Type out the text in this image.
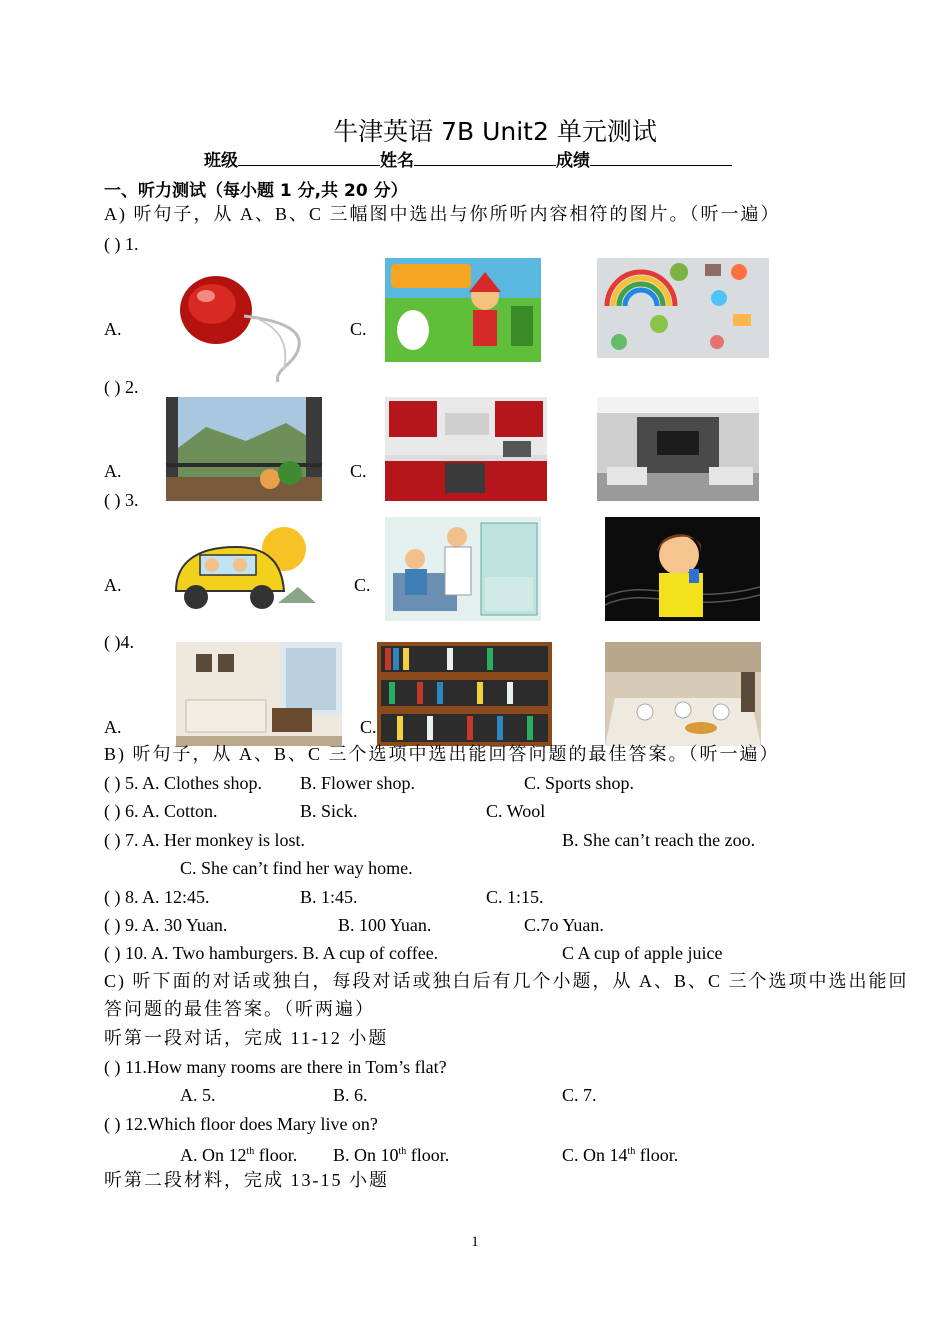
牛津英语 7B Unit2 单元测试
班级	姓名	成绩
一、听力测试（每小题 1 分,共 20 分）
A) 听句子，从 A、B、C 三幅图中选出与你所听内容相符的图片。（听一遍）
( ) 1.
A.	C.
( ) 2.
A.	C.
( ) 3.
A.	C.
( )4.
A.	C.
B) 听句子，从 A、B、C 三个选项中选出能回答问题的最佳答案。（听一遍）
( ) 5. A. Clothes shop. B. Flower shop.	C. Sports shop.
( ) 6. A. Cotton.	B. Sick.	C. Wool
( ) 7. A. Her monkey is lost.	B. She can’t reach the zoo.
C. She can’t find her way home.
( ) 8. A. 12:45.	B. 1:45.	C. 1:15.
( ) 9. A. 30 Yuan.	B. 100 Yuan.	C.7o Yuan.
( ) 10. A. Two hamburgers. B. A cup of coffee.	C A cup of apple juice
C) 听下面的对话或独白，每段对话或独白后有几个小题，从 A、B、C 三个选项中选出能回
答问题的最佳答案。（听两遍）
听第一段对话，完成 11-12 小题
( ) 11.How many rooms are there in Tom’s flat?
A. 5.	B. 6.	C. 7.
( ) 12.Which floor does Mary live on?
A. On 12th floor. B. On 10th floor.	C. On 14th floor.
听第二段材料，完成 13-15 小题
1
